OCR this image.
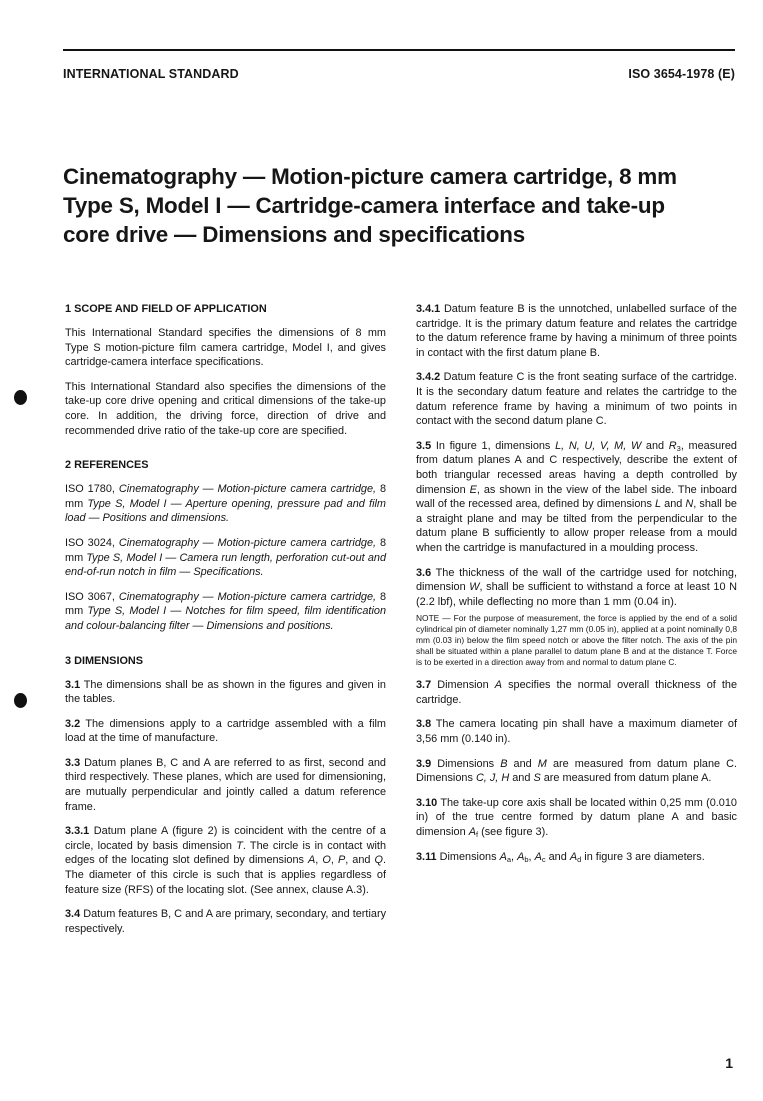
INTERNATIONAL STANDARD	ISO 3654-1978 (E)
Cinematography — Motion-picture camera cartridge, 8 mm
Type S, Model I — Cartridge-camera interface and take-up
core drive — Dimensions and specifications
1 SCOPE AND FIELD OF APPLICATION

This International Standard specifies the dimensions of 8 mm Type S motion-picture film camera cartridge, Model I, and gives cartridge-camera interface specifications.

This International Standard also specifies the dimensions of the take-up core drive opening and critical dimensions of the take-up core. In addition, the driving force, direction of drive and recommended drive ratio of the take-up core are specified.

2 REFERENCES

ISO 1780, Cinematography — Motion-picture camera cartridge, 8 mm Type S, Model I — Aperture opening, pressure pad and film load — Positions and dimensions.

ISO 3024, Cinematography — Motion-picture camera cartridge, 8 mm Type S, Model I — Camera run length, perforation cut-out and end-of-run notch in film — Specifications.

ISO 3067, Cinematography — Motion-picture camera cartridge, 8 mm Type S, Model I — Notches for film speed, film identification and colour-balancing filter — Dimensions and positions.

3 DIMENSIONS

3.1 The dimensions shall be as shown in the figures and given in the tables.

3.2 The dimensions apply to a cartridge assembled with a film load at the time of manufacture.

3.3 Datum planes B, C and A are referred to as first, second and third respectively. These planes, which are used for dimensioning, are mutually perpendicular and jointly called a datum reference frame.

3.3.1 Datum plane A (figure 2) is coincident with the centre of a circle, located by basis dimension T. The circle is in contact with edges of the locating slot defined by dimensions A, O, P, and Q. The diameter of this circle is such that is applies regardless of feature size (RFS) of the locating slot. (See annex, clause A.3).

3.4 Datum features B, C and A are primary, secondary, and tertiary respectively.

3.4.1 Datum feature B is the unnotched, unlabelled surface of the cartridge. It is the primary datum feature and relates the cartridge to the datum reference frame by having a minimum of three points in contact with the first datum plane B.

3.4.2 Datum feature C is the front seating surface of the cartridge. It is the secondary datum feature and relates the cartridge to the datum reference frame by having a minimum of two points in contact with the second datum plane C.

3.5 In figure 1, dimensions L, N, U, V, M, W and $R_3$, measured from datum planes A and C respectively, describe the extent of both triangular recessed areas having a depth controlled by dimension E, as shown in the view of the label side. The inboard wall of the recessed area, defined by dimensions L and N, shall be a straight plane and may be tilted from the perpendicular to the datum plane B sufficiently to allow proper release from a mould when the cartridge is manufactured in a moulding process.

3.6 The thickness of the wall of the cartridge used for notching, dimension W, shall be sufficient to withstand a force at least 10 N (2.2 lbf), while deflecting no more than 1 mm (0.04 in).

NOTE — For the purpose of measurement, the force is applied by the end of a solid cylindrical pin of diameter nominally 1,27 mm (0.05 in), applied at a point nominally 0,8 mm (0.03 in) below the film speed notch or above the filter notch. The axis of the pin shall be situated within a plane parallel to datum plane B and at the distance T. Force is to be exerted in a direction away from and normal to datum plane C.

3.7 Dimension A specifies the normal overall thickness of the cartridge.

3.8 The camera locating pin shall have a maximum diameter of 3,56 mm (0.140 in).

3.9 Dimensions B and M are measured from datum plane C. Dimensions C, J, H and S are measured from datum plane A.

3.10 The take-up core axis shall be located within 0,25 mm (0.010 in) of the true centre formed by datum plane A and basic dimension $A_f$ (see figure 3).

3.11 Dimensions $A_a$, $A_b$, $A_c$ and $A_d$ in figure 3 are diameters.

1
